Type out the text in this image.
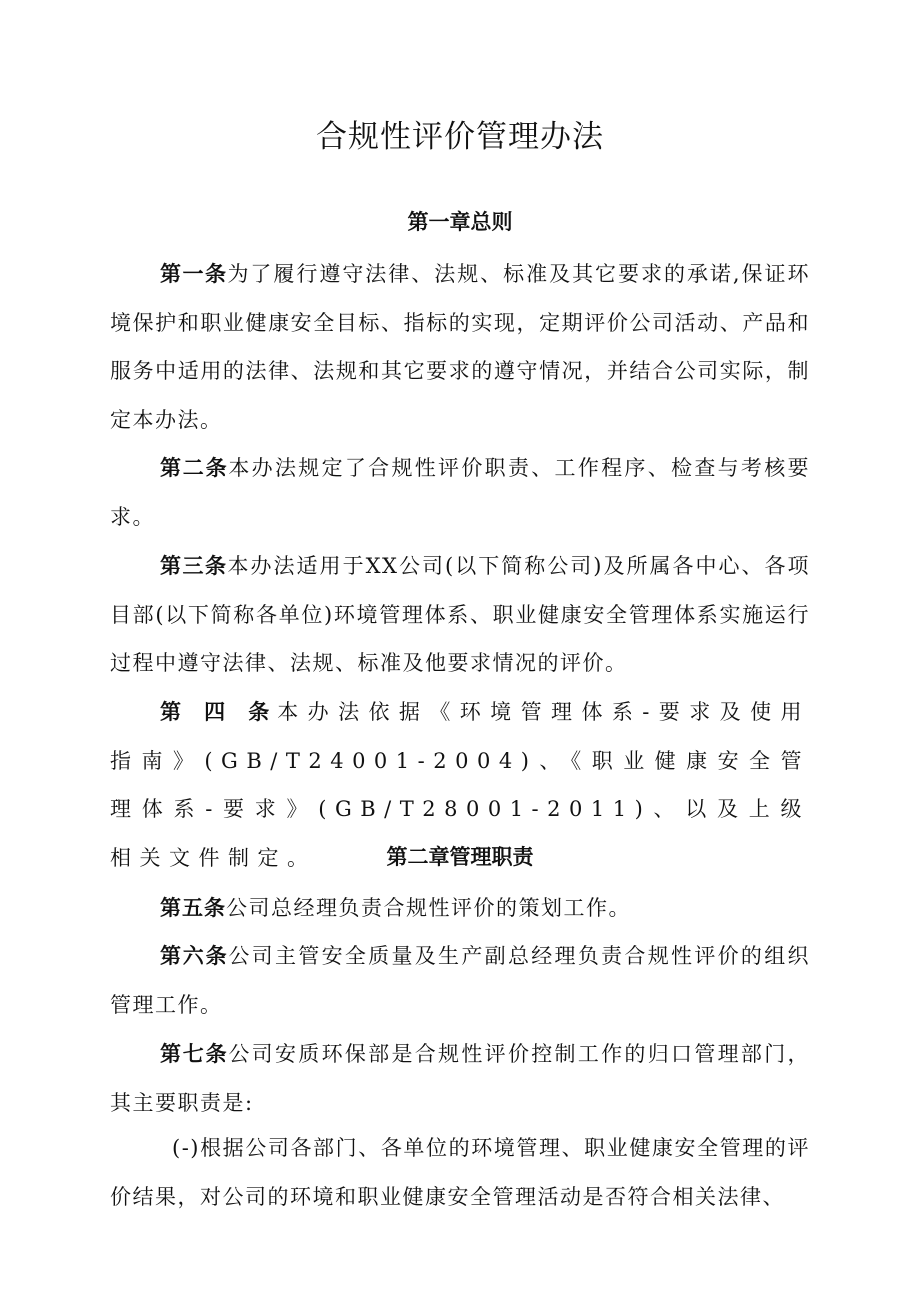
合规性评价管理办法
第一章总则
第一条为了履行遵守法律、法规、标准及其它要求的承诺,保证环境保护和职业健康安全目标、指标的实现，定期评价公司活动、产品和服务中适用的法律、法规和其它要求的遵守情况，并结合公司实际，制定本办法。
第二条本办法规定了合规性评价职责、工作程序、检查与考核要求。
第三条本办法适用于XX公司(以下简称公司)及所属各中心、各项目部(以下简称各单位)环境管理体系、职业健康安全管理体系实施运行过程中遵守法律、法规、标准及他要求情况的评价。
第 四 条本办法依据《环境管理体系-要求及使用指南》(GB/T24001-2004)、《职业健康安全管理体系-要求》(GB/T28001-2011)、以及上级相关文件制定。	第二章管理职责
第五条公司总经理负责合规性评价的策划工作。
第六条公司主管安全质量及生产副总经理负责合规性评价的组织管理工作。
第七条公司安质环保部是合规性评价控制工作的归口管理部门，其主要职责是:
(-)根据公司各部门、各单位的环境管理、职业健康安全管理的评价结果，对公司的环境和职业健康安全管理活动是否符合相关法律、
